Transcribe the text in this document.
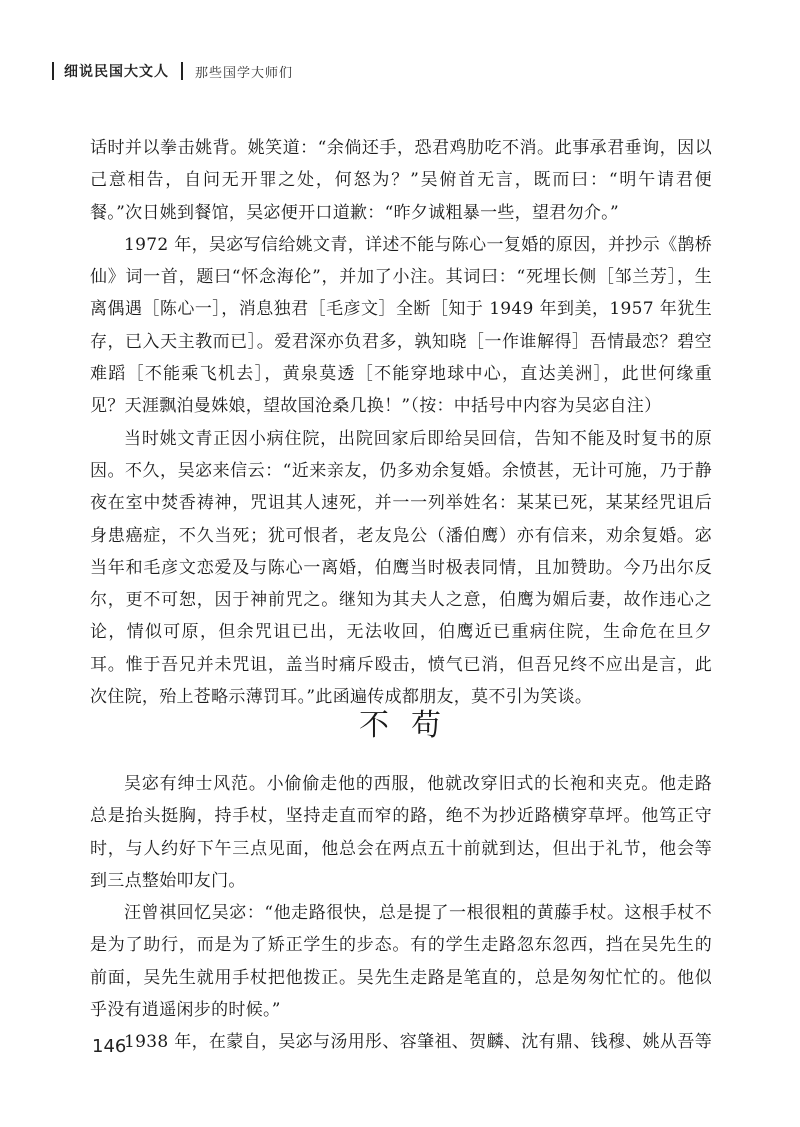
细说民国大文人 那些国学大师们

话时并以拳击姚背。姚笑道：“余倘还手，恐君鸡肋吃不消。此事承君垂询，因以己意相告，自问无开罪之处，何怒为？”吴俯首无言，既而曰：“明午请君便餐。”次日姚到餐馆，吴宓便开口道歉：“昨夕诚粗暴一些，望君勿介。”

1972 年，吴宓写信给姚文青，详述不能与陈心一复婚的原因，并抄示《鹊桥仙》词一首，题曰“怀念海伦”，并加了小注。其词曰：“死埋长侧［邹兰芳］，生离偶遇［陈心一］，消息独君［毛彦文］全断［知于 1949 年到美，1957 年犹生存，已入天主教而已］。爱君深亦负君多，孰知晓［一作谁解得］吾情最恋？碧空难蹈［不能乘飞机去］，黄泉莫透［不能穿地球中心，直达美洲］，此世何缘重见？天涯飘泊曼姝娘，望故国沧桑几换！”（按：中括号中内容为吴宓自注）

当时姚文青正因小病住院，出院回家后即给吴回信，告知不能及时复书的原因。不久，吴宓来信云：“近来亲友，仍多劝余复婚。余愤甚，无计可施，乃于静夜在室中焚香祷神，咒诅其人速死，并一一列举姓名：某某已死，某某经咒诅后身患癌症，不久当死；犹可恨者，老友凫公（潘伯鹰）亦有信来，劝余复婚。宓当年和毛彦文恋爱及与陈心一离婚，伯鹰当时极表同情，且加赞助。今乃出尔反尔，更不可恕，因于神前咒之。继知为其夫人之意，伯鹰为媚后妻，故作违心之论，情似可原，但余咒诅已出，无法收回，伯鹰近已重病住院，生命危在旦夕耳。惟于吾兄并未咒诅，盖当时痛斥殴击，愤气已消，但吾兄终不应出是言，此次住院，殆上苍略示薄罚耳。”此函遍传成都朋友，莫不引为笑谈。

不苟

吴宓有绅士风范。小偷偷走他的西服，他就改穿旧式的长袍和夹克。他走路总是抬头挺胸，持手杖，坚持走直而窄的路，绝不为抄近路横穿草坪。他笃正守时，与人约好下午三点见面，他总会在两点五十前就到达，但出于礼节，他会等到三点整始叩友门。

汪曾祺回忆吴宓：“他走路很快，总是提了一根很粗的黄藤手杖。这根手杖不是为了助行，而是为了矫正学生的步态。有的学生走路忽东忽西，挡在吴先生的前面，吴先生就用手杖把他拨正。吴先生走路是笔直的，总是匆匆忙忙的。他似乎没有逍遥闲步的时候。”

1938 年，在蒙自，吴宓与汤用彤、容肇祖、贺麟、沈有鼎、钱穆、姚从吾等

146
